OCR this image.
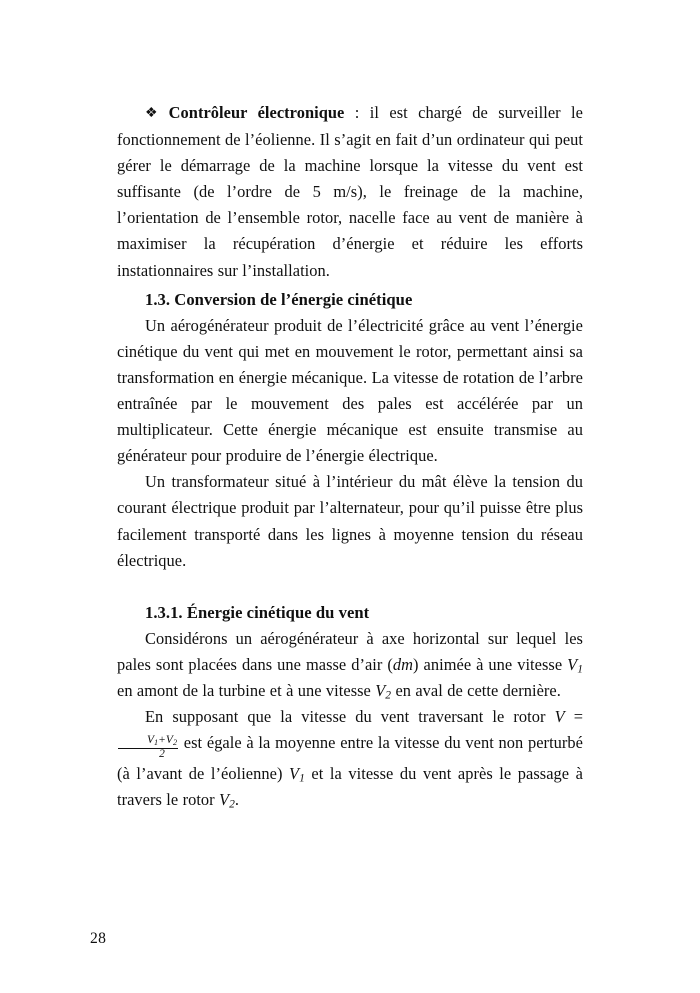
❖ Contrôleur électronique : il est chargé de surveiller le fonctionnement de l’éolienne. Il s’agit en fait d’un ordinateur qui peut gérer le démarrage de la machine lorsque la vitesse du vent est suffisante (de l’ordre de 5 m/s), le freinage de la machine, l’orientation de l’ensemble rotor, nacelle face au vent de manière à maximiser la récupération d’énergie et réduire les efforts instationnaires sur l’installation.

1.3. Conversion de l’énergie cinétique

Un aérogénérateur produit de l’électricité grâce au vent l’énergie cinétique du vent qui met en mouvement le rotor, permettant ainsi sa transformation en énergie mécanique. La vitesse de rotation de l’arbre entraînée par le mouvement des pales est accélérée par un multiplicateur. Cette énergie mécanique est ensuite transmise au générateur pour produire de l’énergie électrique.

Un transformateur situé à l’intérieur du mât élève la tension du courant électrique produit par l’alternateur, pour qu’il puisse être plus facilement transporté dans les lignes à moyenne tension du réseau électrique.

1.3.1. Énergie cinétique du vent

Considérons un aérogénérateur à axe horizontal sur lequel les pales sont placées dans une masse d’air (dm) animée à une vitesse $V_1$ en amont de la turbine et à une vitesse $V_2$ en aval de cette dernière.

En supposant que la vitesse du vent traversant le rotor V =
$\frac{V_1+V_2}{2}$ est égale à la moyenne entre la vitesse du vent non perturbé (à l’avant de l’éolienne) $V_1$ et la vitesse du vent après le passage à travers le rotor $V_2$.

28
